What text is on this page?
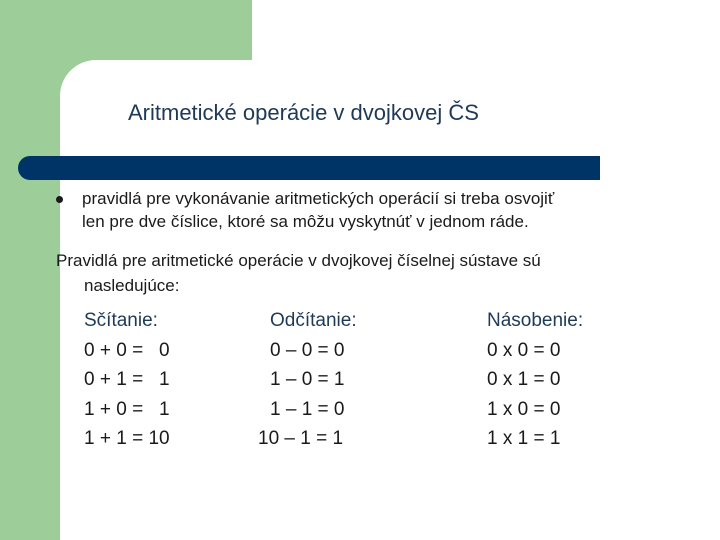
Aritmetické operácie v dvojkovej ČS
pravidlá pre vykonávanie aritmetických operácií si treba osvojiť
len pre dve číslice, ktoré sa môžu vyskytnúť v jednom ráde.
Pravidlá pre aritmetické operácie v dvojkovej číselnej sústave sú
nasledujúce:
Sčítanie:
0 + 0 =   0
0 + 1 =   1
1 + 0 =   1
1 + 1 = 10
Odčítanie:
0 – 0 = 0
1 – 0 = 1
1 – 1 = 0
10 – 1 = 1
Násobenie:
0 x 0 = 0
0 x 1 = 0
1 x 0 = 0
1 x 1 = 1
